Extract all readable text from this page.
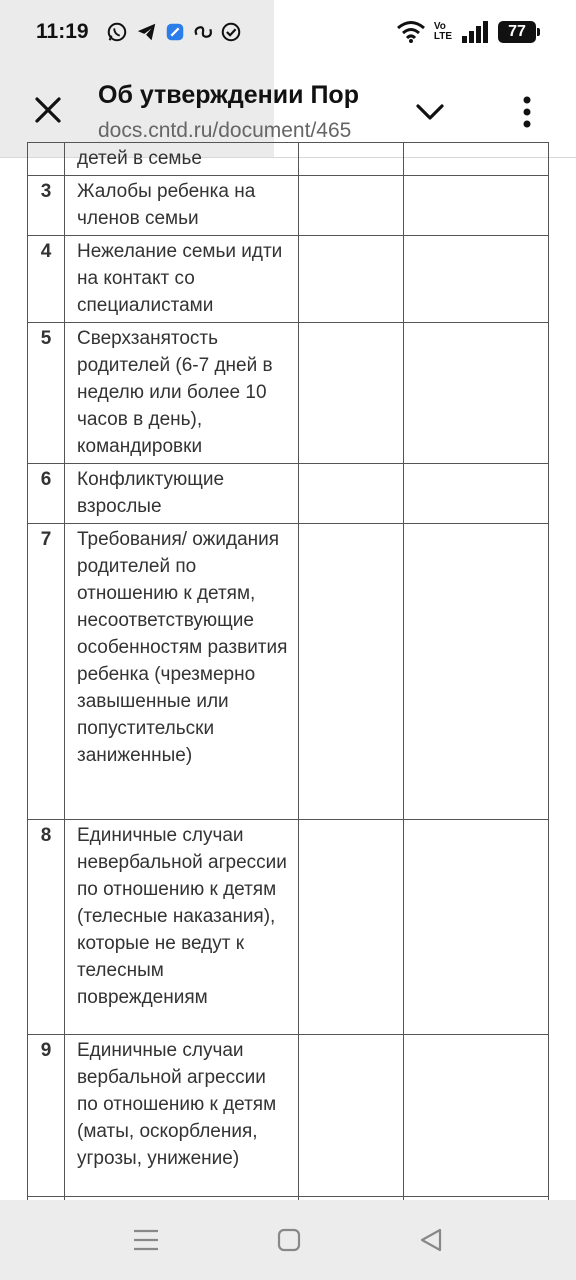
11:19	Vo
LTE	77
Об утверждении Пор
docs.cntd.ru/document/465
	детей в семье		
3	Жалобы ребенка на членов семьи		
4	Нежелание семьи идти на контакт со специалистами		
5	Сверхзанятость родителей (6-7 дней в неделю или более 10 часов в день), командировки		
6	Конфликтующие взрослые		
7	Требования/ ожидания родителей по отношению к детям, несоответствующие особенностям развития ребенка (чрезмерно завышенные или попустительски заниженные)		
8	Единичные случаи невербальной агрессии по отношению к детям (телесные наказания), которые не ведут к телесным повреждениям		
9	Единичные случаи вербальной агрессии по отношению к детям (маты, оскорбления, угрозы, унижение)		
